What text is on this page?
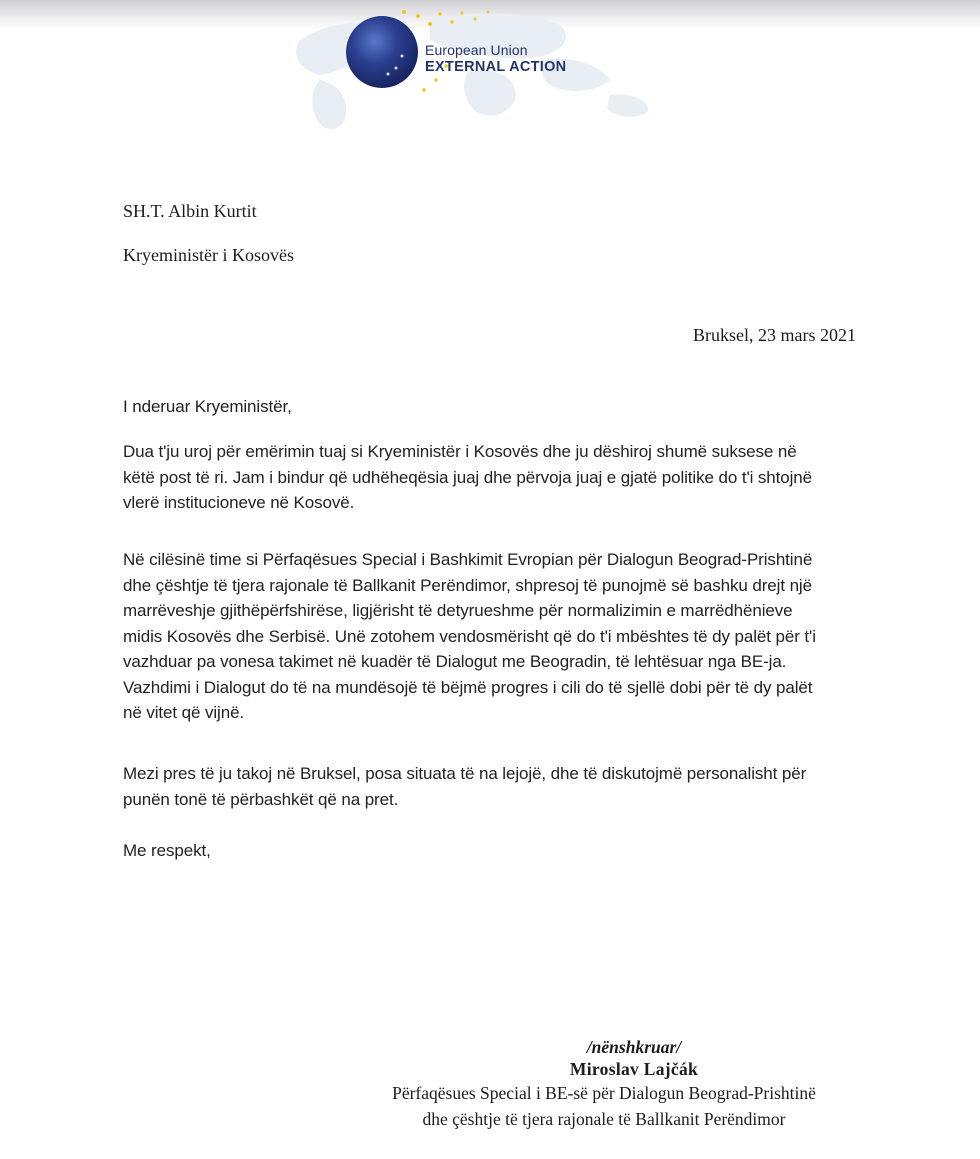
European Union
EXTERNAL ACTION
SH.T. Albin Kurtit
Kryeministër i Kosovës
Bruksel, 23 mars 2021
I nderuar Kryeministër,
Dua t'ju uroj për emërimin tuaj si Kryeministër i Kosovës dhe ju dëshiroj shumë suksese në
këtë post të ri. Jam i bindur që udhëheqësia juaj dhe përvoja juaj e gjatë politike do t'i shtojnë
vlerë institucioneve në Kosovë.
Në cilësinë time si Përfaqësues Special i Bashkimit Evropian për Dialogun Beograd-Prishtinë
dhe çështje të tjera rajonale të Ballkanit Perëndimor, shpresoj të punojmë së bashku drejt një
marrëveshje gjithëpërfshirëse, ligjërisht të detyrueshme për normalizimin e marrëdhënieve
midis Kosovës dhe Serbisë. Unë zotohem vendosmërisht që do t'i mbështes të dy palët për t'i
vazhduar pa vonesa takimet në kuadër të Dialogut me Beogradin, të lehtësuar nga BE-ja.
Vazhdimi i Dialogut do të na mundësojë të bëjmë progres i cili do të sjellë dobi për të dy palët
në vitet që vijnë.
Mezi pres të ju takoj në Bruksel, posa situata të na lejojë, dhe të diskutojmë personalisht për
punën tonë të përbashkët që na pret.
Me respekt,
/nënshkruar/
Miroslav Lajčák
Përfaqësues Special i BE-së për Dialogun Beograd-Prishtinë
dhe çështje të tjera rajonale të Ballkanit Perëndimor
